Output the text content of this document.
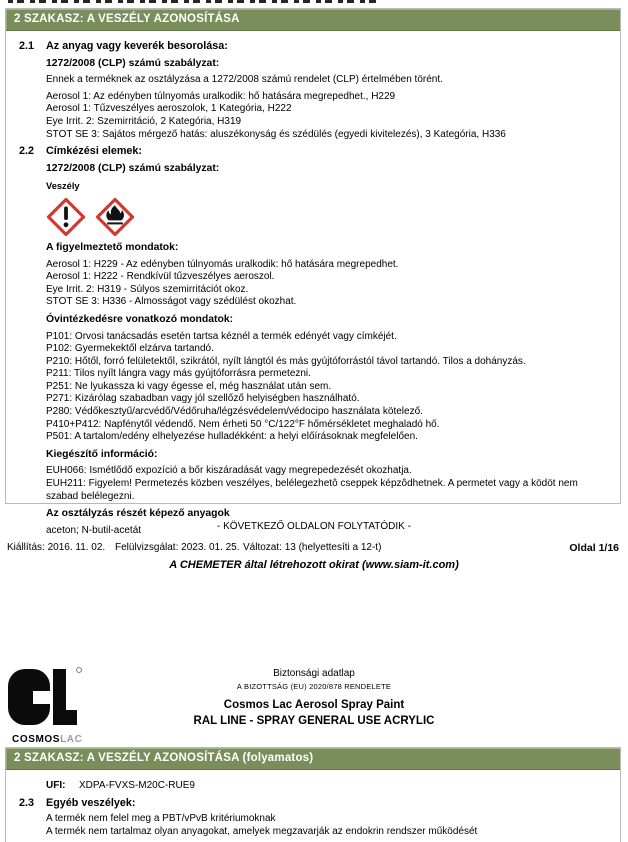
2 SZAKASZ: A VESZÉLY AZONOSÍTÁSA
2.1	Az anyag vagy keverék besorolása:
1272/2008 (CLP) számú szabályzat:
Ennek a terméknek az osztályzása a 1272/2008 számú rendelet (CLP) értelmében törént.
Aerosol 1: Az edényben túlnyomás uralkodik: hő hatására megrepedhet., H229
Aerosol 1: Tűzveszélyes aeroszolok, 1 Kategória, H222
Eye Irrit. 2: Szemirritáció, 2 Kategória, H319
STOT SE 3: Sajátos mérgező hatás: aluszékonyság és szédülés (egyedi kivitelezés), 3 Kategória, H336
2.2	Címkézési elemek:
1272/2008 (CLP) számú szabályzat:
Veszély
A figyelmeztető mondatok:
Aerosol 1: H229 - Az edényben túlnyomás uralkodik: hő hatására megrepedhet.
Aerosol 1: H222 - Rendkívül tűzveszélyes aeroszol.
Eye Irrit. 2: H319 - Súlyos szemirritációt okoz.
STOT SE 3: H336 - Almosságot vagy szédülést okozhat.
Óvintézkedésre vonatkozó mondatok:
P101: Orvosi tanácsadás esetén tartsa kéznél a termék edényét vagy címkéjét.
P102: Gyermekektől elzárva tartandó.
P210: Hőtől, forró felületektől, szikrától, nyílt lángtól és más gyújtóforrástól távol tartandó. Tilos a dohányzás.
P211: Tilos nyílt lángra vagy más gyújtóforrásra permetezni.
P251: Ne lyukassza ki vagy égesse el, még használat után sem.
P271: Kizárólag szabadban vagy jól szellőző helyiségben használható.
P280: Védőkesztyű/arcvédő/Védőruha/légzésvédelem/védocipo használata kötelező.
P410+P412: Napfénytől védendő. Nem érheti 50 °C/122°F hőmérsékletet meghaladó hő.
P501: A tartalom/edény elhelyezése hulladékként: a helyi előírásoknak megfelelően.
Kiegészítő információ:
EUH066: Ismétlődő expozíció a bőr kiszáradását vagy megrepedezését okozhatja.
EUH211: Figyelem! Permetezés közben veszélyes, belélegezhetô cseppek képzôdhetnek. A permetet vagy a ködöt nem szabad belélegezni.
Az osztályzás részét képező anyagok
aceton; N-butil-acetát	- KÖVETKEZŐ OLDALON FOLYTATÓDIK -
Kiállítás: 2016. 11. 02. Felülvizsgálat: 2023. 01. 25. Változat: 13 (helyettesíti a 12-t)	Oldal 1/16
A CHEMETER által létrehozott okirat (www.siam-it.com)
COSMOSLAC
Biztonsági adatlap
A BIZOTTSÁG (EU) 2020/878 RENDELETE
Cosmos Lac Aerosol Spray Paint
RAL LINE - SPRAY GENERAL USE ACRYLIC
2 SZAKASZ: A VESZÉLY AZONOSÍTÁSA (folyamatos)
UFI:	XDPA-FVXS-M20C-RUE9
2.3	Egyéb veszélyek:
A termék nem felel meg a PBT/vPvB kritériumoknak
A termék nem tartalmaz olyan anyagokat, amelyek megzavarják az endokrin rendszer működését
